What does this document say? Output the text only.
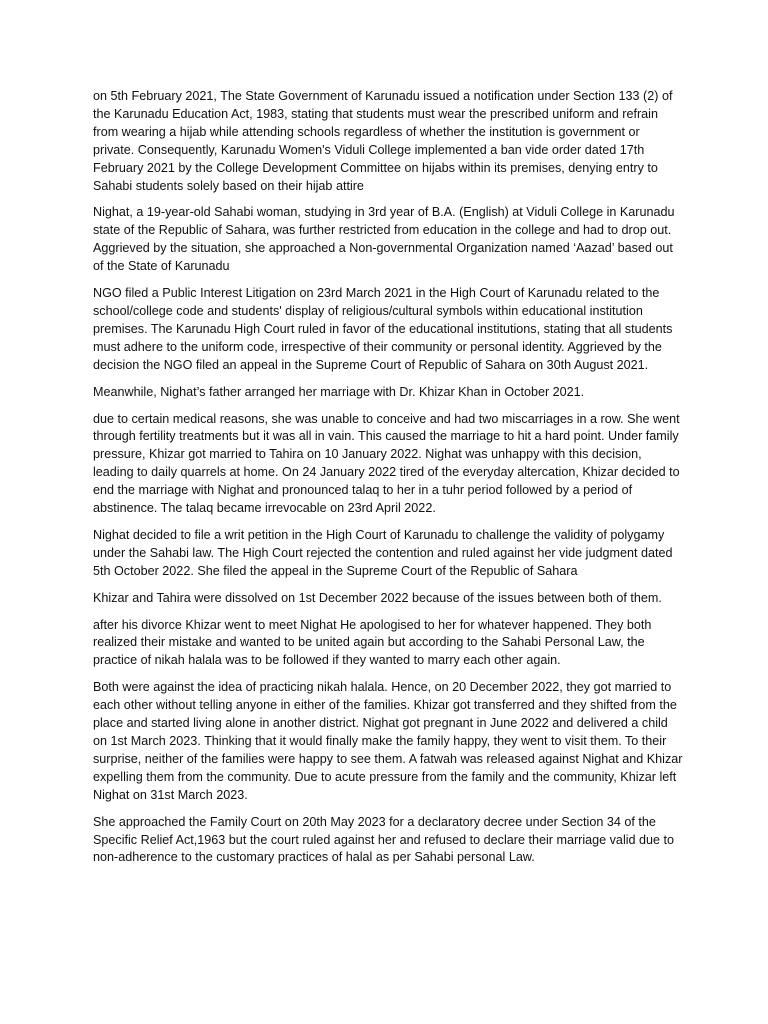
on 5th February 2021, The State Government of Karunadu issued a notification under Section 133 (2) of the Karunadu Education Act, 1983, stating that students must wear the prescribed uniform and refrain from wearing a hijab while attending schools regardless of whether the institution is government or private. Consequently, Karunadu Women's Viduli College implemented a ban vide order dated 17th February 2021 by the College Development Committee on hijabs within its premises, denying entry to Sahabi students solely based on their hijab attire

Nighat, a 19-year-old Sahabi woman, studying in 3rd year of B.A. (English) at Viduli College in Karunadu state of the Republic of Sahara, was further restricted from education in the college and had to drop out. Aggrieved by the situation, she approached a Non-governmental Organization named ‘Aazad’ based out of the State of Karunadu

NGO filed a Public Interest Litigation on 23rd March 2021 in the High Court of Karunadu related to the school/college code and students' display of religious/cultural symbols within educational institution premises. The Karunadu High Court ruled in favor of the educational institutions, stating that all students must adhere to the uniform code, irrespective of their community or personal identity. Aggrieved by the decision the NGO filed an appeal in the Supreme Court of Republic of Sahara on 30th August 2021.

Meanwhile, Nighat’s father arranged her marriage with Dr. Khizar Khan in October 2021.

due to certain medical reasons, she was unable to conceive and had two miscarriages in a row. She went through fertility treatments but it was all in vain. This caused the marriage to hit a hard point. Under family pressure, Khizar got married to Tahira on 10 January 2022. Nighat was unhappy with this decision, leading to daily quarrels at home. On 24 January 2022 tired of the everyday altercation, Khizar decided to end the marriage with Nighat and pronounced talaq to her in a tuhr period followed by a period of abstinence. The talaq became irrevocable on 23rd April 2022.

Nighat decided to file a writ petition in the High Court of Karunadu to challenge the validity of polygamy under the Sahabi law. The High Court rejected the contention and ruled against her vide judgment dated 5th October 2022. She filed the appeal in the Supreme Court of the Republic of Sahara

Khizar and Tahira were dissolved on 1st December 2022 because of the issues between both of them.

after his divorce Khizar went to meet Nighat He apologised to her for whatever happened. They both realized their mistake and wanted to be united again but according to the Sahabi Personal Law, the practice of nikah halala was to be followed if they wanted to marry each other again.

Both were against the idea of practicing nikah halala. Hence, on 20 December 2022, they got married to each other without telling anyone in either of the families. Khizar got transferred and they shifted from the place and started living alone in another district. Nighat got pregnant in June 2022 and delivered a child on 1st March 2023. Thinking that it would finally make the family happy, they went to visit them. To their surprise, neither of the families were happy to see them. A fatwah was released against Nighat and Khizar expelling them from the community. Due to acute pressure from the family and the community, Khizar left Nighat on 31st March 2023.

She approached the Family Court on 20th May 2023 for a declaratory decree under Section 34 of the Specific Relief Act,1963 but the court ruled against her and refused to declare their marriage valid due to non-adherence to the customary practices of halal as per Sahabi personal Law.
